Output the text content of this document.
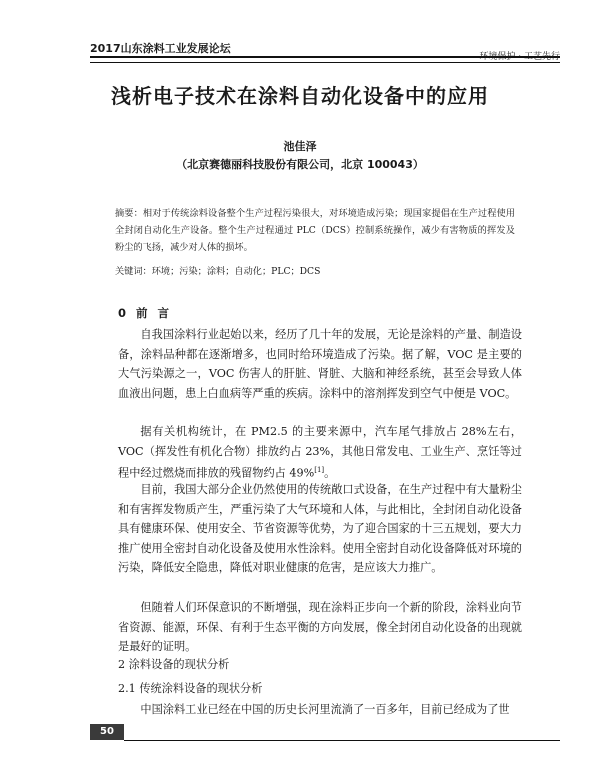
2017山东涂料工业发展论坛
环境保护 · 工艺先行
浅析电子技术在涂料自动化设备中的应用
池佳泽
（北京赛德丽科技股份有限公司，北京 100043）
摘要：相对于传统涂料设备整个生产过程污染很大，对环境造成污染；现国家提倡在生产过程使用全封闭自动化生产设备。整个生产过程通过 PLC（DCS）控制系统操作，减少有害物质的挥发及粉尘的飞扬，减少对人体的损坏。
关键词：环境；污染；涂料；自动化；PLC；DCS
0 前 言
自我国涂料行业起始以来，经历了几十年的发展，无论是涂料的产量、制造设备，涂料品种都在逐渐增多，也同时给环境造成了污染。据了解，VOC 是主要的大气污染源之一，VOC 伤害人的肝脏、肾脏、大脑和神经系统，甚至会导致人体血液出问题，患上白血病等严重的疾病。涂料中的溶剂挥发到空气中便是 VOC。
据有关机构统计，在 PM2.5 的主要来源中，汽车尾气排放占 28%左右，VOC（挥发性有机化合物）排放约占 23%，其他日常发电、工业生产、烹饪等过程中经过燃烧而排放的残留物约占 49%[1]。
目前，我国大部分企业仍然使用的传统敞口式设备，在生产过程中有大量粉尘和有害挥发物质产生，严重污染了大气环境和人体，与此相比，全封闭自动化设备具有健康环保、使用安全、节省资源等优势，为了迎合国家的十三五规划，要大力推广使用全密封自动化设备及使用水性涂料。使用全密封自动化设备降低对环境的污染，降低安全隐患，降低对职业健康的危害，是应该大力推广。
但随着人们环保意识的不断增强，现在涂料正步向一个新的阶段，涂料业向节省资源、能源，环保、有利于生态平衡的方向发展，像全封闭自动化设备的出现就是最好的证明。
2 涂料设备的现状分析
2.1 传统涂料设备的现状分析
中国涂料工业已经在中国的历史长河里流淌了一百多年，目前已经成为了世
50
